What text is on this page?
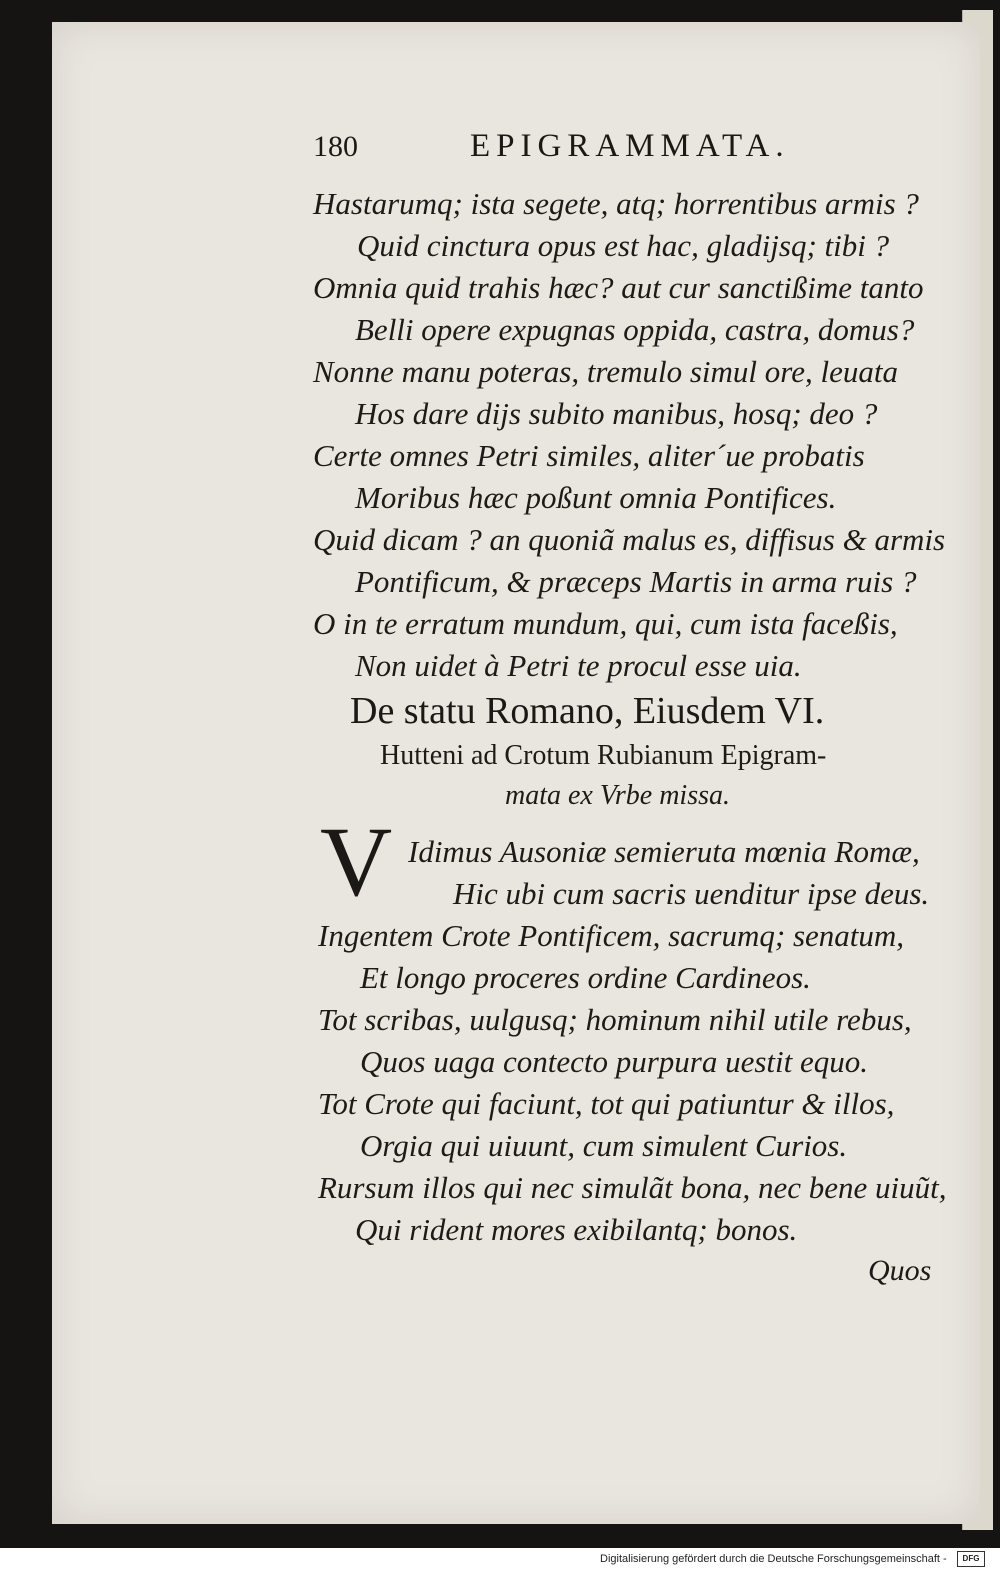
180	EPIGRAMMATA.
Hastarumq; ista segete, atq; horrentibus armis ?
Quid cinctura opus est hac, gladijsq; tibi ?
Omnia quid trahis hæc? aut cur sanctißime tanto
Belli opere expugnas oppida, castra, domus?
Nonne manu poteras, tremulo simul ore, leuata
Hos dare dijs subito manibus, hosq; deo ?
Certe omnes Petri similes, aliter´ue probatis
Moribus hæc poßunt omnia Pontifices.
Quid dicam ? an quoniã malus es, diffisus & armis
Pontificum, & præceps Martis in arma ruis ?
O in te erratum mundum, qui, cum ista faceßis,
Non uidet à Petri te procul esse uia.
De statu Romano, Eiusdem VI.
Hutteni ad Crotum Rubianum Epigram-
mata ex Vrbe missa.
V Idimus Ausoniæ semieruta mœnia Romæ,
Hic ubi cum sacris uenditur ipse deus.
Ingentem Crote Pontificem, sacrumq; senatum,
Et longo proceres ordine Cardineos.
Tot scribas, uulgusq; hominum nihil utile rebus,
Quos uaga contecto purpura uestit equo.
Tot Crote qui faciunt, tot qui patiuntur & illos,
Orgia qui uiuunt, cum simulent Curios.
Rursum illos qui nec simulãt bona, nec bene uiuũt,
Qui rident mores exibilantq; bonos.
Quos
Digitalisierung gefördert durch die Deutsche Forschungsgemeinschaft -	DFG
